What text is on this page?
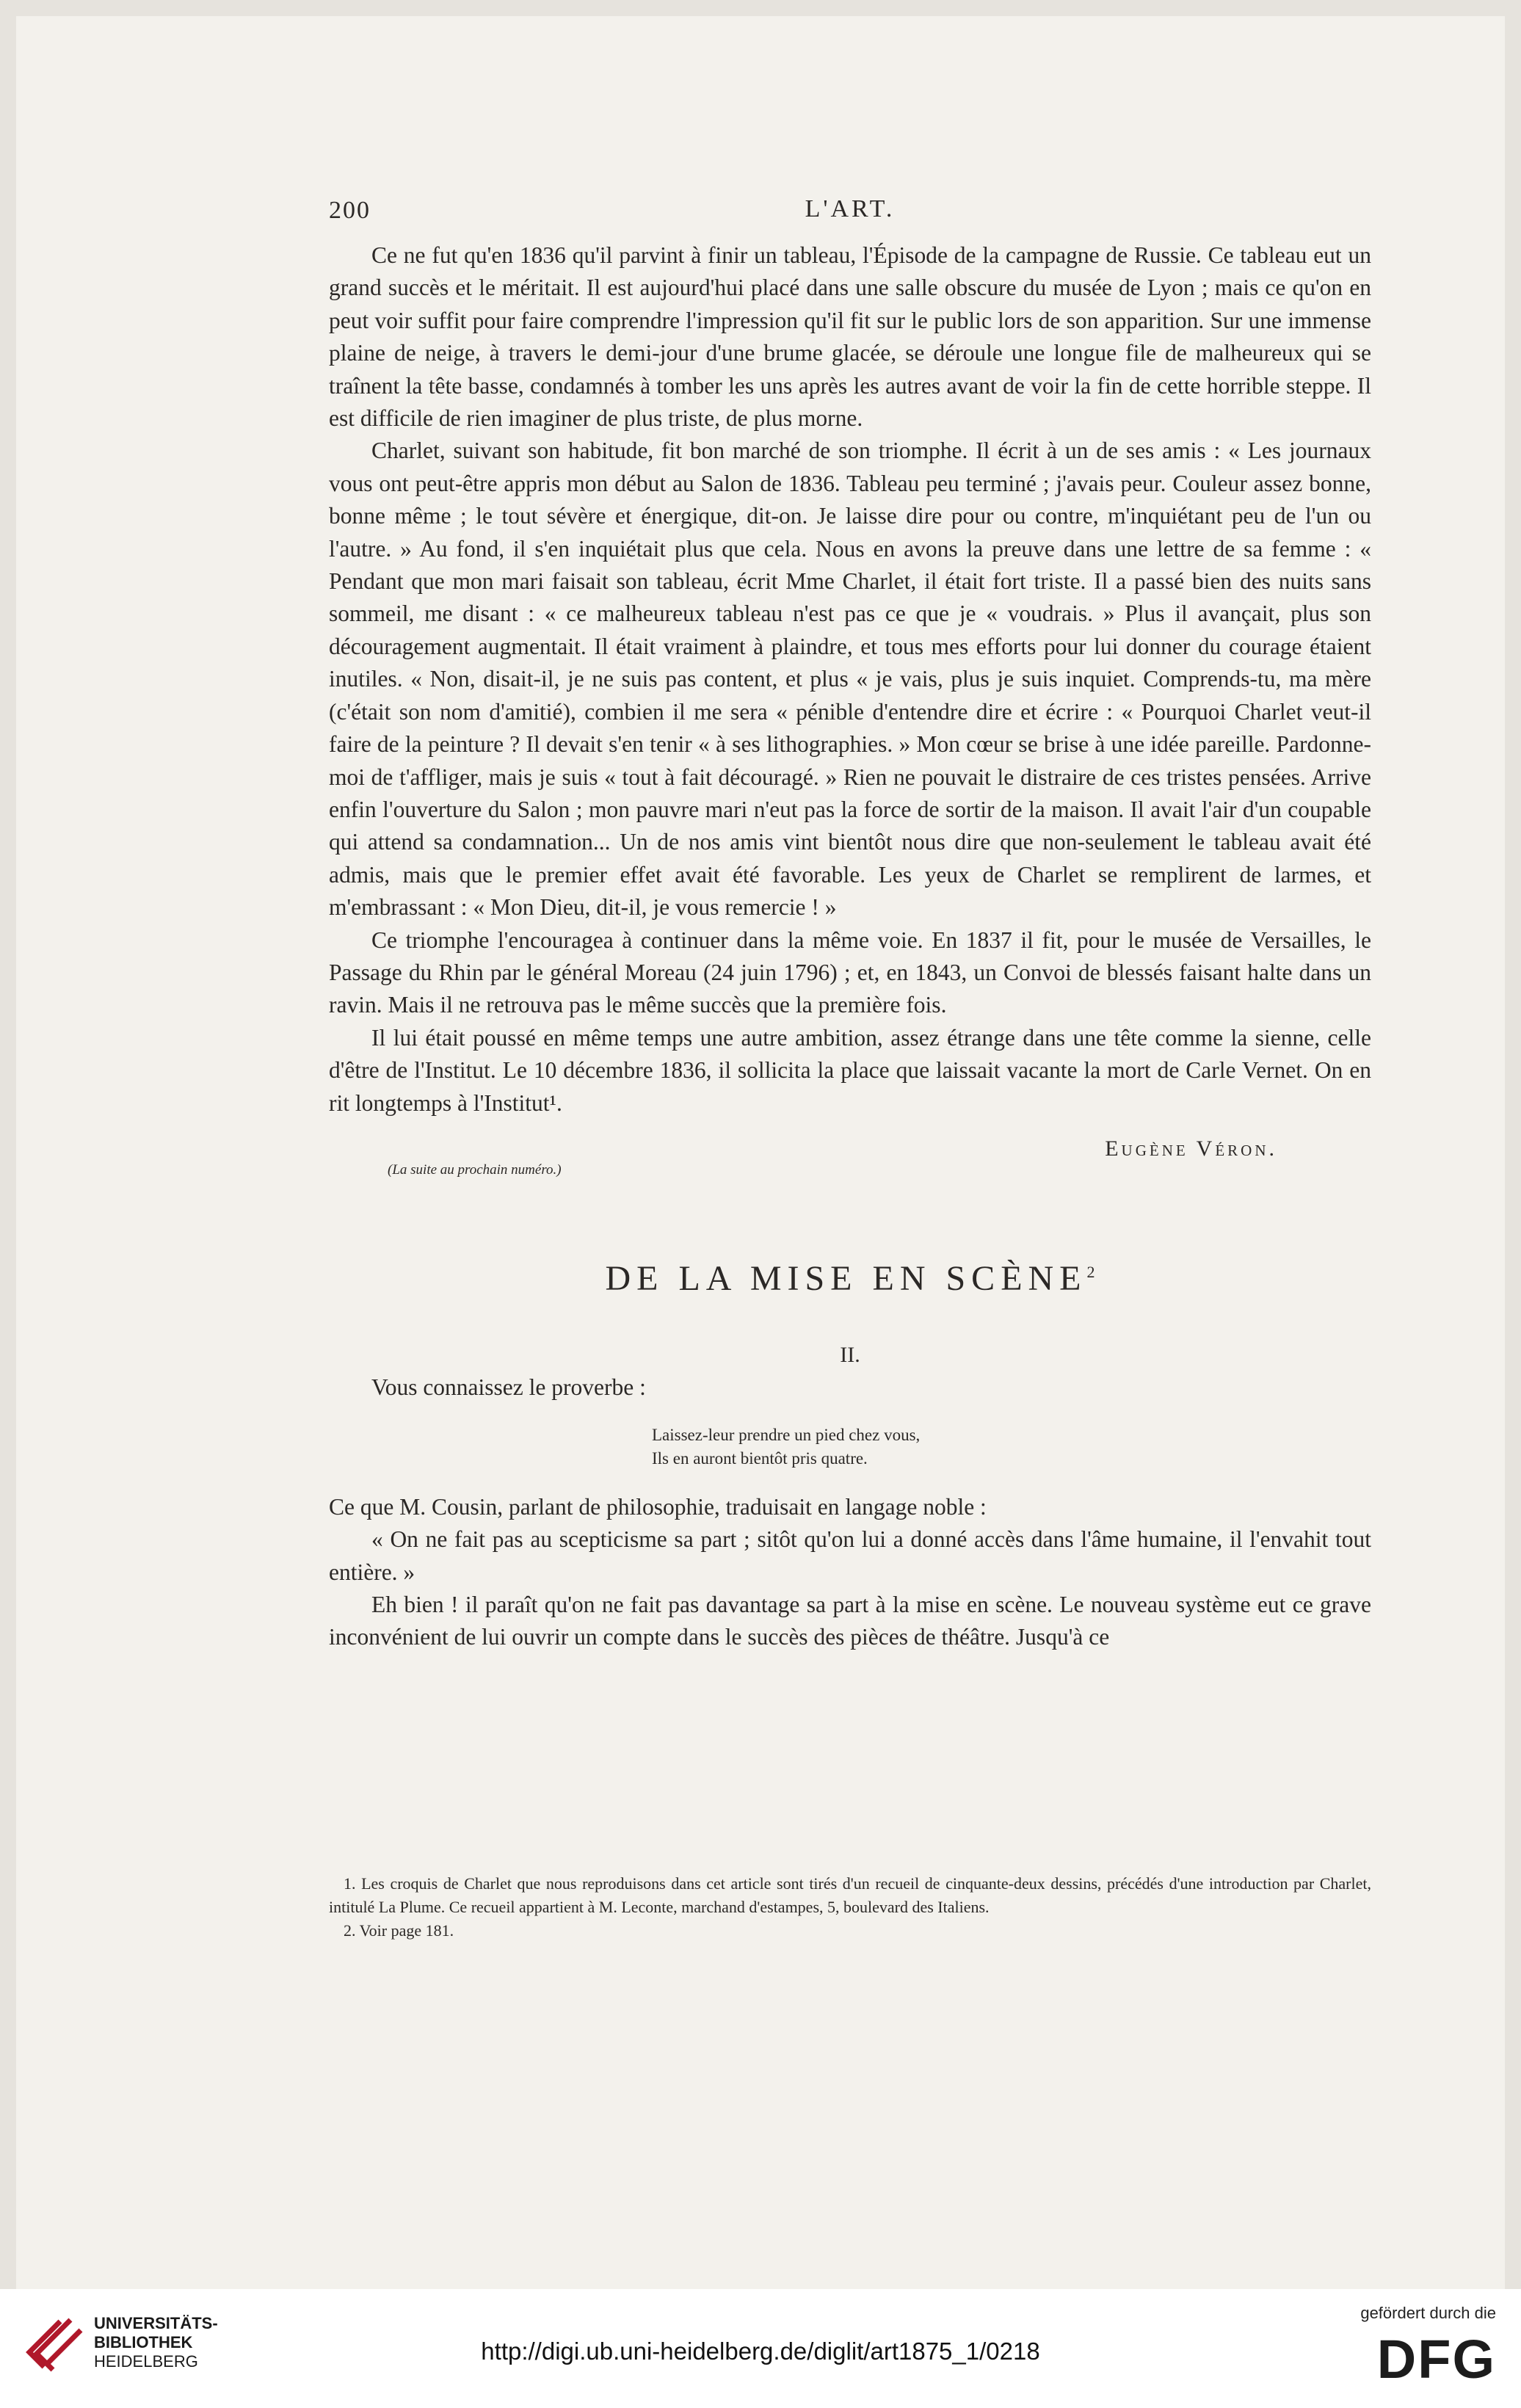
200	L'ART.

Ce ne fut qu'en 1836 qu'il parvint à finir un tableau, l'Épisode de la campagne de Russie. Ce tableau eut un grand succès et le méritait. Il est aujourd'hui placé dans une salle obscure du musée de Lyon ; mais ce qu'on en peut voir suffit pour faire comprendre l'impression qu'il fit sur le public lors de son apparition. Sur une immense plaine de neige, à travers le demi-jour d'une brume glacée, se déroule une longue file de malheureux qui se traînent la tête basse, condamnés à tomber les uns après les autres avant de voir la fin de cette horrible steppe. Il est difficile de rien imaginer de plus triste, de plus morne.

Charlet, suivant son habitude, fit bon marché de son triomphe. Il écrit à un de ses amis : « Les journaux vous ont peut-être appris mon début au Salon de 1836. Tableau peu terminé ; j'avais peur. Couleur assez bonne, bonne même ; le tout sévère et énergique, dit-on. Je laisse dire pour ou contre, m'inquiétant peu de l'un ou l'autre. » Au fond, il s'en inquiétait plus que cela. Nous en avons la preuve dans une lettre de sa femme : « Pendant que mon mari faisait son tableau, écrit Mme Charlet, il était fort triste. Il a passé bien des nuits sans sommeil, me disant : « ce malheureux tableau n'est pas ce que je « voudrais. » Plus il avançait, plus son découragement augmentait. Il était vraiment à plaindre, et tous mes efforts pour lui donner du courage étaient inutiles. « Non, disait-il, je ne suis pas content, et plus « je vais, plus je suis inquiet. Comprends-tu, ma mère (c'était son nom d'amitié), combien il me sera « pénible d'entendre dire et écrire : « Pourquoi Charlet veut-il faire de la peinture ? Il devait s'en tenir « à ses lithographies. » Mon cœur se brise à une idée pareille. Pardonne-moi de t'affliger, mais je suis « tout à fait découragé. » Rien ne pouvait le distraire de ces tristes pensées. Arrive enfin l'ouverture du Salon ; mon pauvre mari n'eut pas la force de sortir de la maison. Il avait l'air d'un coupable qui attend sa condamnation... Un de nos amis vint bientôt nous dire que non-seulement le tableau avait été admis, mais que le premier effet avait été favorable. Les yeux de Charlet se remplirent de larmes, et m'embrassant : « Mon Dieu, dit-il, je vous remercie ! »

Ce triomphe l'encouragea à continuer dans la même voie. En 1837 il fit, pour le musée de Versailles, le Passage du Rhin par le général Moreau (24 juin 1796) ; et, en 1843, un Convoi de blessés faisant halte dans un ravin. Mais il ne retrouva pas le même succès que la première fois.

Il lui était poussé en même temps une autre ambition, assez étrange dans une tête comme la sienne, celle d'être de l'Institut. Le 10 décembre 1836, il sollicita la place que laissait vacante la mort de Carle Vernet. On en rit longtemps à l'Institut¹.

Eugène Véron.
(La suite au prochain numéro.)
DE LA MISE EN SCÈNE$^2$
II.

Vous connaissez le proverbe :

Laissez-leur prendre un pied chez vous,
Ils en auront bientôt pris quatre.

Ce que M. Cousin, parlant de philosophie, traduisait en langage noble :

« On ne fait pas au scepticisme sa part ; sitôt qu'on lui a donné accès dans l'âme humaine, il l'envahit tout entière. »

Eh bien ! il paraît qu'on ne fait pas davantage sa part à la mise en scène. Le nouveau système eut ce grave inconvénient de lui ouvrir un compte dans le succès des pièces de théâtre. Jusqu'à ce

1. Les croquis de Charlet que nous reproduisons dans cet article sont tirés d'un recueil de cinquante-deux dessins, précédés d'une introduction par Charlet, intitulé La Plume. Ce recueil appartient à M. Leconte, marchand d'estampes, 5, boulevard des Italiens.

2. Voir page 181.

UNIVERSITÄTS-
BIBLIOTHEK
HEIDELBERG	http://digi.ub.uni-heidelberg.de/diglit/art1875_1/0218
gefördert durch die
DFG
